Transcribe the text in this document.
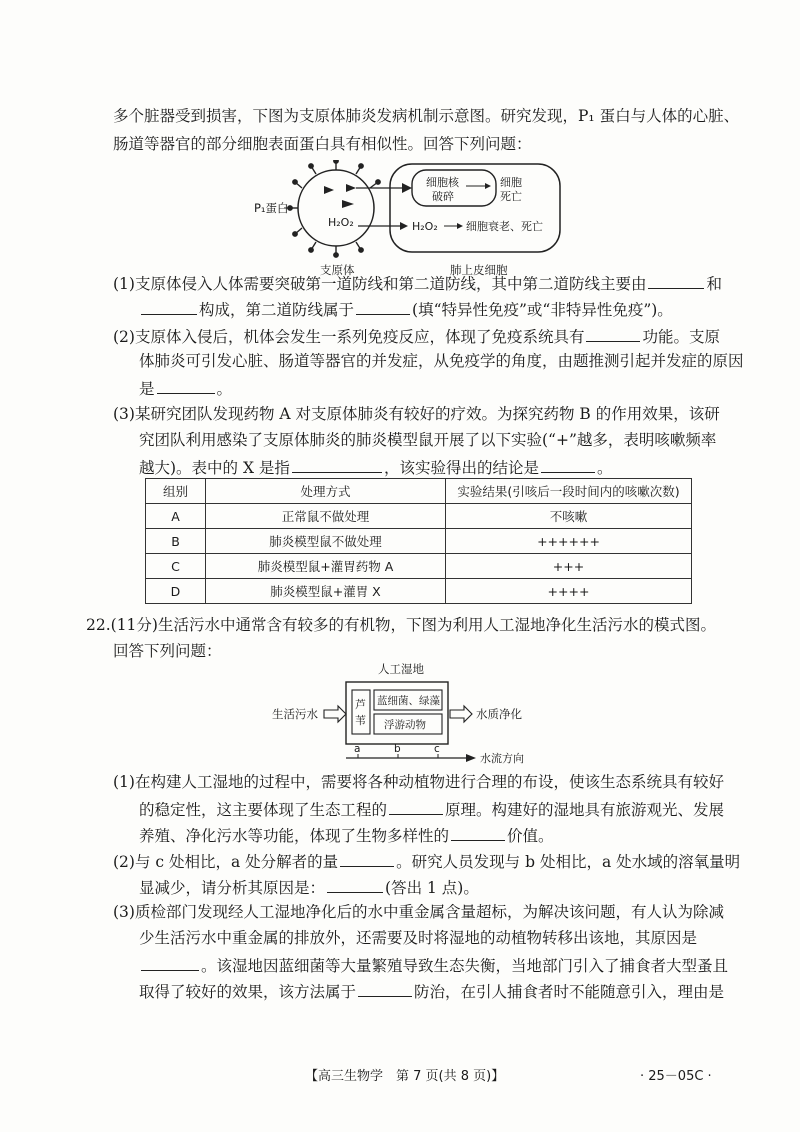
多个脏器受到损害，下图为支原体肺炎发病机制示意图。研究发现，P₁ 蛋白与人体的心脏、
肠道等器官的部分细胞表面蛋白具有相似性。回答下列问题：
H₂O₂
P₁蛋白
支原体
细胞核
破碎
细胞
死亡
H₂O₂	细胞衰老、死亡
肺上皮细胞
(1)支原体侵入人体需要突破第一道防线和第二道防线，其中第二道防线主要由	和
构成，第二道防线属于	(填“特异性免疫”或“非特异性免疫”)。
(2)支原体入侵后，机体会发生一系列免疫反应，体现了免疫系统具有	功能。支原
体肺炎可引发心脏、肠道等器官的并发症，从免疫学的角度，由题推测引起并发症的原因
是	。
(3)某研究团队发现药物 A 对支原体肺炎有较好的疗效。为探究药物 B 的作用效果，该研
究团队利用感染了支原体肺炎的肺炎模型鼠开展了以下实验(“+”越多，表明咳嗽频率
越大)。表中的 X 是指	，该实验得出的结论是	。
组别	处理方式	实验结果(引咳后一段时间内的咳嗽次数)
A	正常鼠不做处理	不咳嗽
B	肺炎模型鼠不做处理	++++++
C	肺炎模型鼠+灌胃药物 A	+++
D	肺炎模型鼠+灌胃 X	++++
22.(11分)生活污水中通常含有较多的有机物，下图为利用人工湿地净化生活污水的模式图。
回答下列问题：
人工湿地
芦
苇
蓝细菌、绿藻
浮游动物
生活污水	水质净化
a	b	c
水流方向
(1)在构建人工湿地的过程中，需要将各种动植物进行合理的布设，使该生态系统具有较好
的稳定性，这主要体现了生态工程的	原理。构建好的湿地具有旅游观光、发展
养殖、净化污水等功能，体现了生物多样性的	价值。
(2)与 c 处相比，a 处分解者的量	。研究人员发现与 b 处相比，a 处水域的溶氧量明
显减少，请分析其原因是：	(答出 1 点)。
(3)质检部门发现经人工湿地净化后的水中重金属含量超标，为解决该问题，有人认为除减
少生活污水中重金属的排放外，还需要及时将湿地的动植物转移出该地，其原因是
。该湿地因蓝细菌等大量繁殖导致生态失衡，当地部门引入了捕食者大型蚤且
取得了较好的效果，该方法属于	防治，在引人捕食者时不能随意引入，理由是
【高三生物学　第 7 页(共 8 页)】	· 25－05C ·
